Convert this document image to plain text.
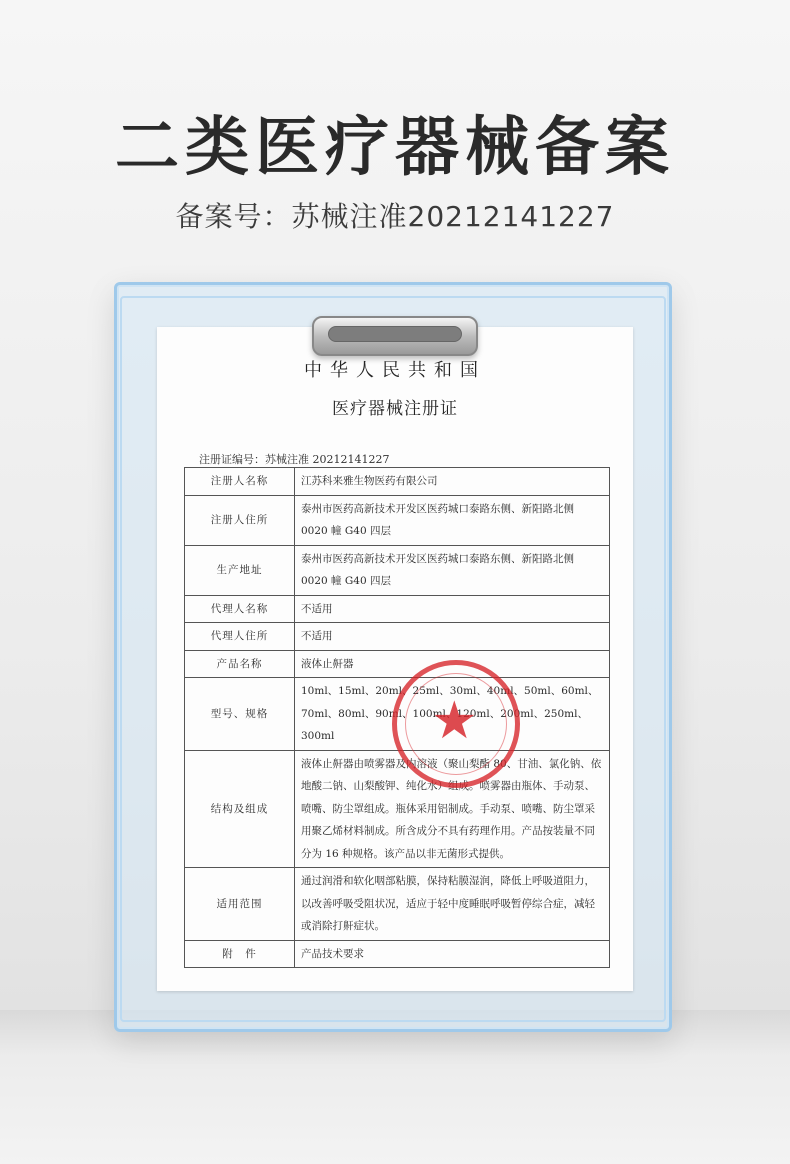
二类医疗器械备案
备案号：苏械注准20212141227
中华人民共和国
医疗器械注册证
注册证编号：苏械注准 20212141227
注册人名称	江苏科来雅生物医药有限公司
注册人住所	泰州市医药高新技术开发区医药城口泰路东侧、新阳路北侧 0020 幢 G40 四层
生产地址	泰州市医药高新技术开发区医药城口泰路东侧、新阳路北侧 0020 幢 G40 四层
代理人名称	不适用
代理人住所	不适用
产品名称	液体止鼾器
型号、规格	10ml、15ml、20ml、25ml、30ml、40ml、50ml、60ml、70ml、80ml、90ml、100ml、120ml、200ml、250ml、300ml
结构及组成	液体止鼾器由喷雾器及内溶液（聚山梨酯 80、甘油、氯化钠、依地酸二钠、山梨酸钾、纯化水）组成。喷雾器由瓶体、手动泵、喷嘴、防尘罩组成。瓶体采用铝制成。手动泵、喷嘴、防尘罩采用聚乙烯材料制成。所含成分不具有药理作用。产品按装量不同分为 16 种规格。该产品以非无菌形式提供。
适用范围	通过润滑和软化咽部粘膜，保持粘膜湿润，降低上呼吸道阻力，以改善呼吸受阻状况，适应于轻中度睡眠呼吸暂停综合症，减轻或消除打鼾症状。
附　件	产品技术要求
★
